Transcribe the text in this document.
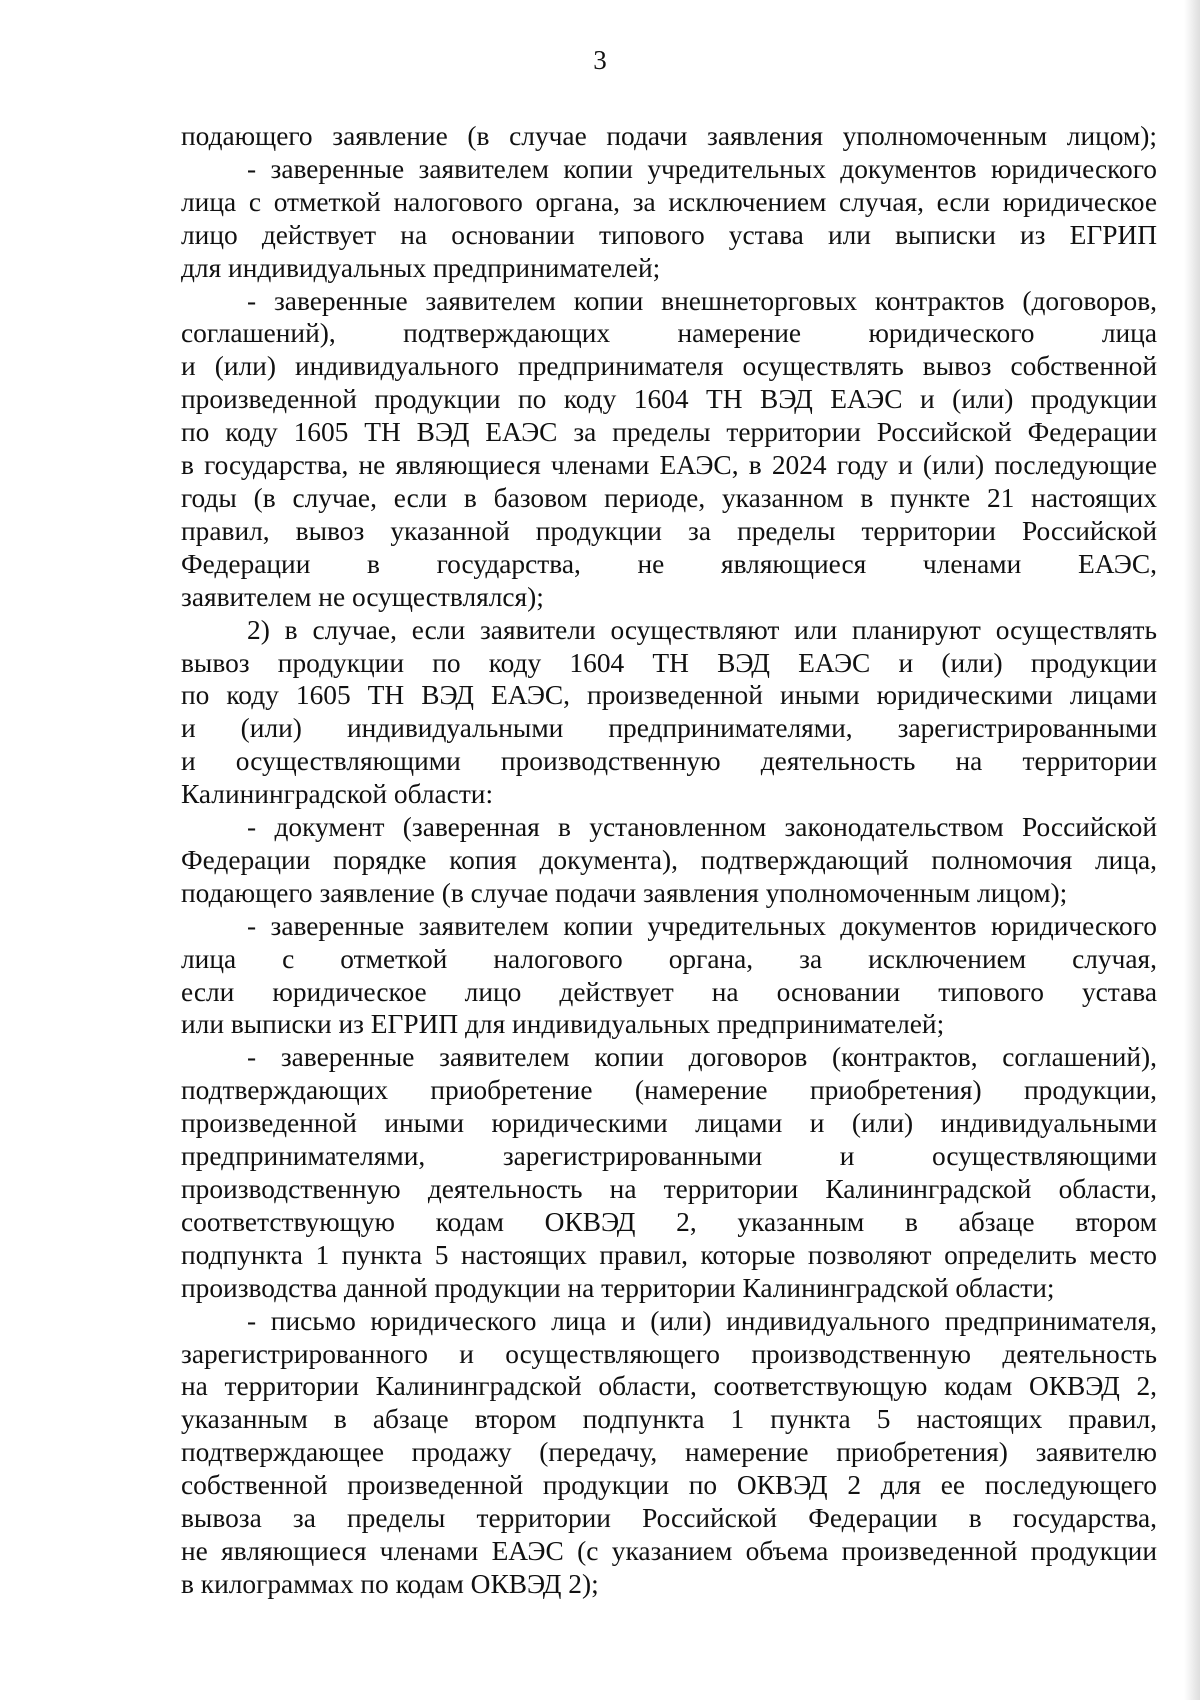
3
подающего заявление (в случае подачи заявления уполномоченным лицом);
- заверенные заявителем копии учредительных документов юридического
лица с отметкой налогового органа, за исключением случая, если юридическое
лицо действует на основании типового устава или выписки из ЕГРИП
для индивидуальных предпринимателей;
- заверенные заявителем копии внешнеторговых контрактов (договоров,
соглашений), подтверждающих намерение юридического лица
и (или) индивидуального предпринимателя осуществлять вывоз собственной
произведенной продукции по коду 1604 ТН ВЭД ЕАЭС и (или) продукции
по коду 1605 ТН ВЭД ЕАЭС за пределы территории Российской Федерации
в государства, не являющиеся членами ЕАЭС, в 2024 году и (или) последующие
годы (в случае, если в базовом периоде, указанном в пункте 21 настоящих
правил, вывоз указанной продукции за пределы территории Российской
Федерации в государства, не являющиеся членами ЕАЭС,
заявителем не осуществлялся);
2) в случае, если заявители осуществляют или планируют осуществлять
вывоз продукции по коду 1604 ТН ВЭД ЕАЭС и (или) продукции
по коду 1605 ТН ВЭД ЕАЭС, произведенной иными юридическими лицами
и (или) индивидуальными предпринимателями, зарегистрированными
и осуществляющими производственную деятельность на территории
Калининградской области:
- документ (заверенная в установленном законодательством Российской
Федерации порядке копия документа), подтверждающий полномочия лица,
подающего заявление (в случае подачи заявления уполномоченным лицом);
- заверенные заявителем копии учредительных документов юридического
лица с отметкой налогового органа, за исключением случая,
если юридическое лицо действует на основании типового устава
или выписки из ЕГРИП для индивидуальных предпринимателей;
- заверенные заявителем копии договоров (контрактов, соглашений),
подтверждающих приобретение (намерение приобретения) продукции,
произведенной иными юридическими лицами и (или) индивидуальными
предпринимателями, зарегистрированными и осуществляющими
производственную деятельность на территории Калининградской области,
соответствующую кодам ОКВЭД 2, указанным в абзаце втором
подпункта 1 пункта 5 настоящих правил, которые позволяют определить место
производства данной продукции на территории Калининградской области;
- письмо юридического лица и (или) индивидуального предпринимателя,
зарегистрированного и осуществляющего производственную деятельность
на территории Калининградской области, соответствующую кодам ОКВЭД 2,
указанным в абзаце втором подпункта 1 пункта 5 настоящих правил,
подтверждающее продажу (передачу, намерение приобретения) заявителю
собственной произведенной продукции по ОКВЭД 2 для ее последующего
вывоза за пределы территории Российской Федерации в государства,
не являющиеся членами ЕАЭС (с указанием объема произведенной продукции
в килограммах по кодам ОКВЭД 2);
